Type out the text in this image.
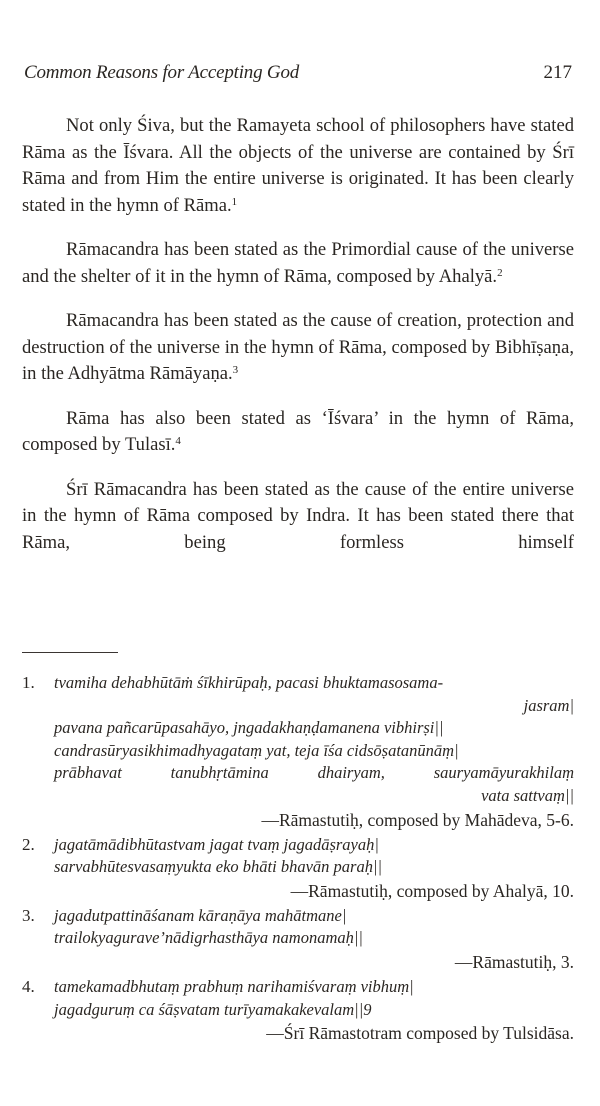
Common Reasons for Accepting God	217

Not only Śiva, but the Ramayeta school of philosophers have stated Rāma as the Īśvara. All the objects of the universe are contained by Śrī Rāma and from Him the entire universe is originated. It has been clearly stated in the hymn of Rāma.$^1$

Rāmacandra has been stated as the Primordial cause of the universe and the shelter of it in the hymn of Rāma, composed by Ahalyā.$^2$

Rāmacandra has been stated as the cause of creation, protection and destruction of the universe in the hymn of Rāma, composed by Bibhīṣaṇa, in the Adhyātma Rāmāyaṇa.$^3$

Rāma has also been stated as ‘Īśvara’ in the hymn of Rāma, composed by Tulasī.$^4$

Śrī Rāmacandra has been stated as the cause of the entire universe in the hymn of Rāma composed by Indra. It has been stated there that Rāma, being formless himself

1.	tvamiha dehabhūtāṁ śīkhirūpaḥ, pacasi bhuktamasosama-
jasram|
pavana pañcarūpasahāyo, jngadakhaṇḍamanena vibhirṣi||
candrasūryasikhimadhyagataṃ yat, teja īśa cidsōṣatanūnāṃ|
prābhavat tanubhṛtāmina dhairyam, sauryamāyurakhilaṃ
vata sattvaṃ||
—Rāmastutiḥ, composed by Mahādeva, 5-6.
2.	jagatāmādibhūtastvam jagat tvaṃ jagadāṣrayaḥ|
sarvabhūtesvasaṃyukta eko bhāti bhavān paraḥ||
—Rāmastutiḥ, composed by Ahalyā, 10.
3.	jagadutpattināśanam kāraṇāya mahātmane|
trailokyagurave’nādigrhasthāya namonamaḥ||
—Rāmastutiḥ, 3.
4.	tamekamadbhutaṃ prabhuṃ narihamiśvaraṃ vibhuṃ|
jagadguruṃ ca śāṣvatam turīyamakakevalam||9
—Śrī Rāmastotram composed by Tulsidāsa.
